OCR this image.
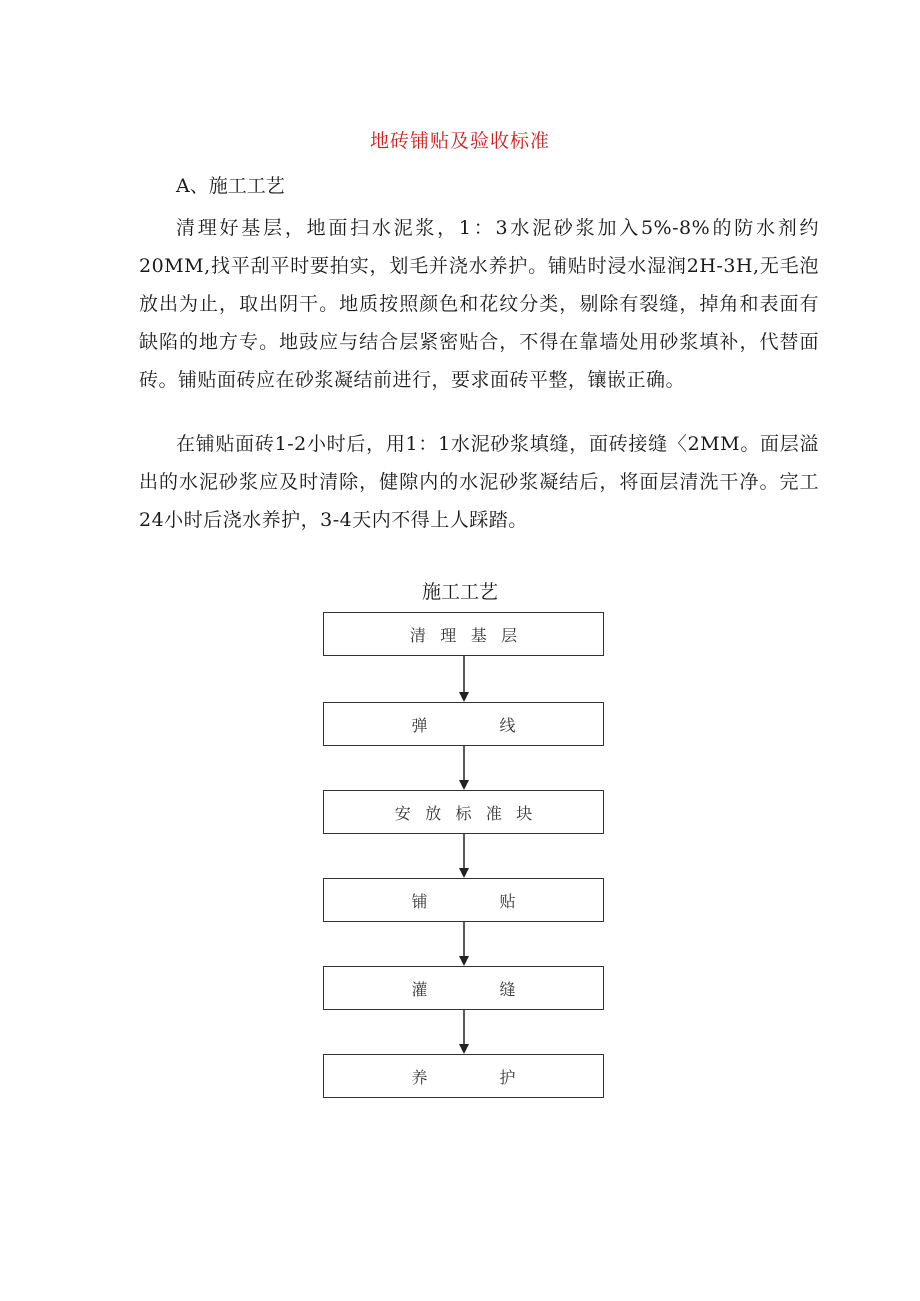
地砖铺贴及验收标准
A、施工工艺

清理好基层，地面扫水泥浆，1：3水泥砂浆加入5%-8%的防水剂约20MM,找平刮平时要拍实，划毛并浇水养护。铺贴时浸水湿润2H-3H,无毛泡放出为止，取出阴干。地质按照颜色和花纹分类，剔除有裂缝，掉角和表面有缺陷的地方专。地豉应与结合层紧密贴合，不得在靠墙处用砂浆填补，代替面砖。铺贴面砖应在砂浆凝结前进行，要求面砖平整，镶嵌正确。

在铺贴面砖1-2小时后，用1：1水泥砂浆填缝，面砖接缝〈2MM。面层溢出的水泥砂浆应及时清除，健隙内的水泥砂浆凝结后，将面层清洗干净。完工24小时后浇水养护，3-4天内不得上人踩踏。

施工工艺
清理基层
弹线
安放标准块
铺贴
灌缝
养护
